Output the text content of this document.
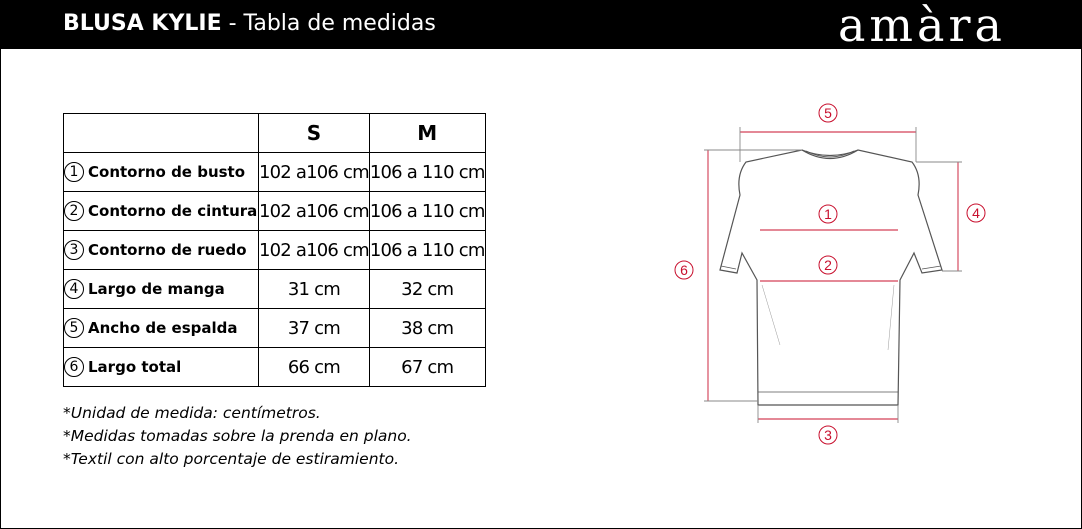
BLUSA KYLIE - Tabla de medidas	amàra
	S	M
1 Contorno de busto	102 a106 cm	106 a 110 cm
2 Contorno de cintura	102 a106 cm	106 a 110 cm
3 Contorno de ruedo	102 a106 cm	106 a 110 cm
4 Largo de manga	31 cm	32 cm
5 Ancho de espalda	37 cm	38 cm
6 Largo total	66 cm	67 cm
*Unidad de medida: centímetros.
*Medidas tomadas sobre la prenda en plano.
*Textil con alto porcentaje de estiramiento.
5
1
2
3
4
6
